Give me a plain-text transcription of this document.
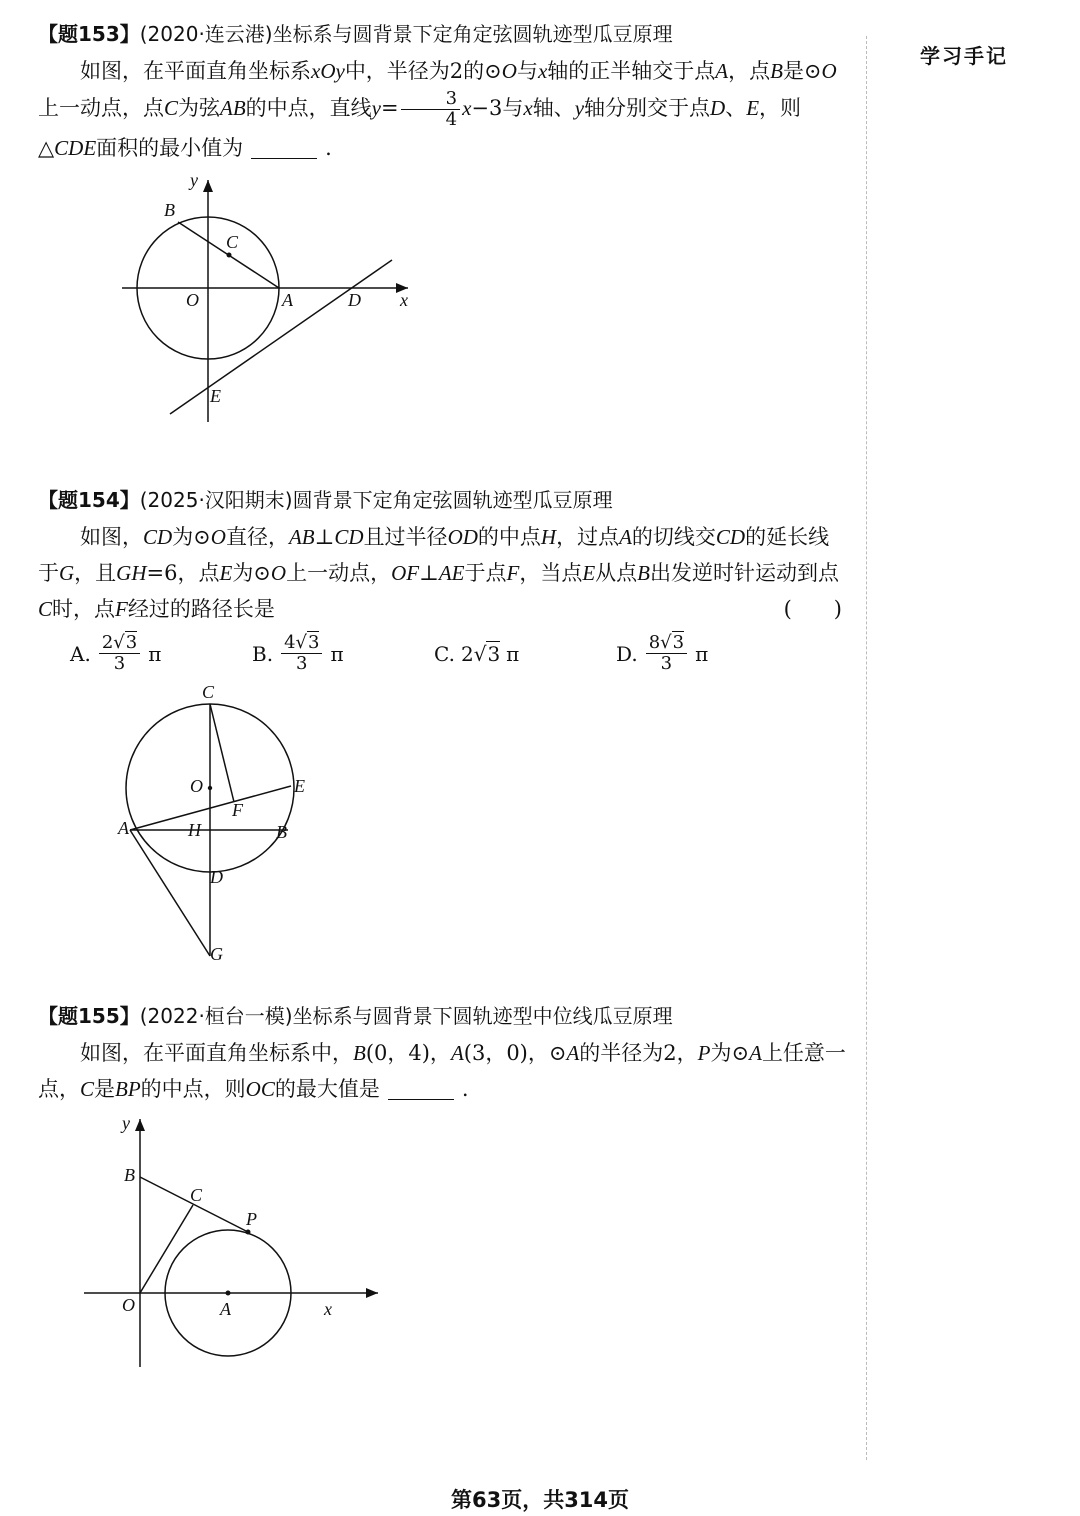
学习手记
【题153】(2020·连云港)坐标系与圆背景下定角定弦圆轨迹型瓜豆原理
如图，在平面直角坐标系xOy中，半径为2的⊙O与x轴的正半轴交于点A，点B是⊙O上一动点，点C为弦AB的中点，直线$y= \frac{3}{4} x-3$与x轴、y轴分别交于点D、E，则△CDE面积的最小值为	.
y
B
C
O	A	D x
E
【题154】(2025·汉阳期末)圆背景下定角定弦圆轨迹型瓜豆原理
如图，CD为⊙O直径，AB⊥CD且过半径OD的中点H，过点A的切线交CD的延长线于G，且GH=6，点E为⊙O上一动点，OF⊥AE于点F，当点E从点B出发逆时针运动到点C时，点F经过的路径长是	(　　)
A. $\frac{2√3}{3}$ π	B. $\frac{4√3}{3}$ π	C. 2√3 π	D. $\frac{8√3}{3}$ π
C
O	E
F
A	H	B
D
G
【题155】(2022·桓台一模)坐标系与圆背景下圆轨迹型中位线瓜豆原理
如图，在平面直角坐标系中，B(0，4)，A(3，0)，⊙A的半径为2，P为⊙A上任意一点，C是BP的中点，则OC的最大值是	.
y
B
C
P
O	A	x
第63页，共314页
